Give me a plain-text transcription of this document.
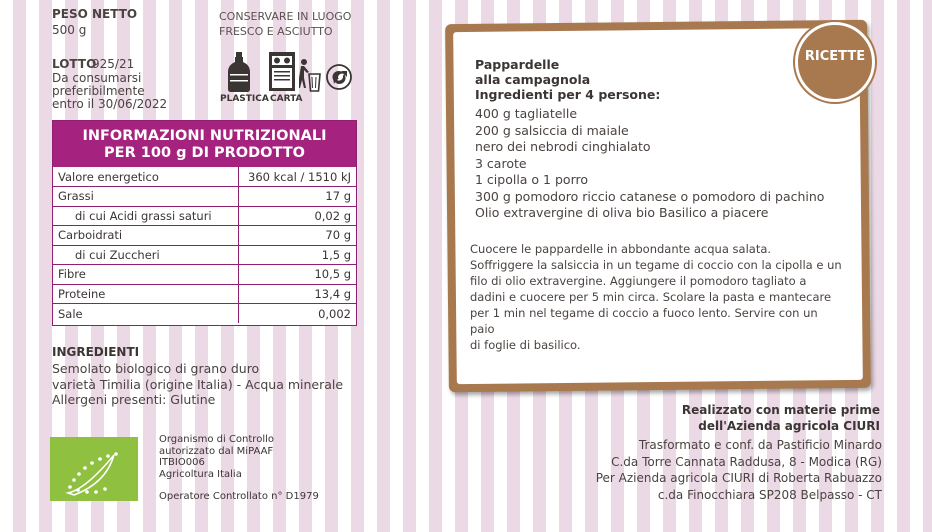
PESO NETTO
500 g
LOTTO
925/21
Da consumarsi
preferibilmente
entro il 30/06/2022
CONSERVARE IN LUOGO
FRESCO E ASCIUTTO
PLASTICA CARTA
INFORMAZIONI NUTRIZIONALI
PER 100 g DI PRODOTTO
Valore energetico	360 kcal / 1510 kJ
Grassi	17 g
di cui Acidi grassi saturi	0,02 g
Carboidrati	70 g
di cui Zuccheri	1,5 g
Fibre	10,5 g
Proteine	13,4 g
Sale	0,002
INGREDIENTI
Semolato biologico di grano duro
varietà Timilia (origine Italia) - Acqua minerale
Allergeni presenti: Glutine
Organismo di Controllo
autorizzato dal MiPAAF
ITBIO006
Agricoltura Italia
Operatore Controllato n° D1979
Pappardelle
alla campagnola
Ingredienti per 4 persone:
400 g tagliatelle
200 g salsiccia di maiale
nero dei nebrodi cinghialato
3 carote
1 cipolla o 1 porro
300 g pomodoro riccio catanese o pomodoro di pachino
Olio extravergine di oliva bio Basilico a piacere
Cuocere le pappardelle in abbondante acqua salata.
Soffriggere la salsiccia in un tegame di coccio con la cipolla e un
filo di olio extravergine. Aggiungere il pomodoro tagliato a
dadini e cuocere per 5 min circa. Scolare la pasta e mantecare
per 1 min nel tegame di coccio a fuoco lento. Servire con un paio
di foglie di basilico.
RICETTE
Realizzato con materie prime
dell'Azienda agricola CIURI
Trasformato e conf. da Pastificio Minardo
C.da Torre Cannata Raddusa, 8 - Modica (RG)
Per Azienda agricola CIURI di Roberta Rabuazzo
c.da Finocchiara SP208 Belpasso - CT
